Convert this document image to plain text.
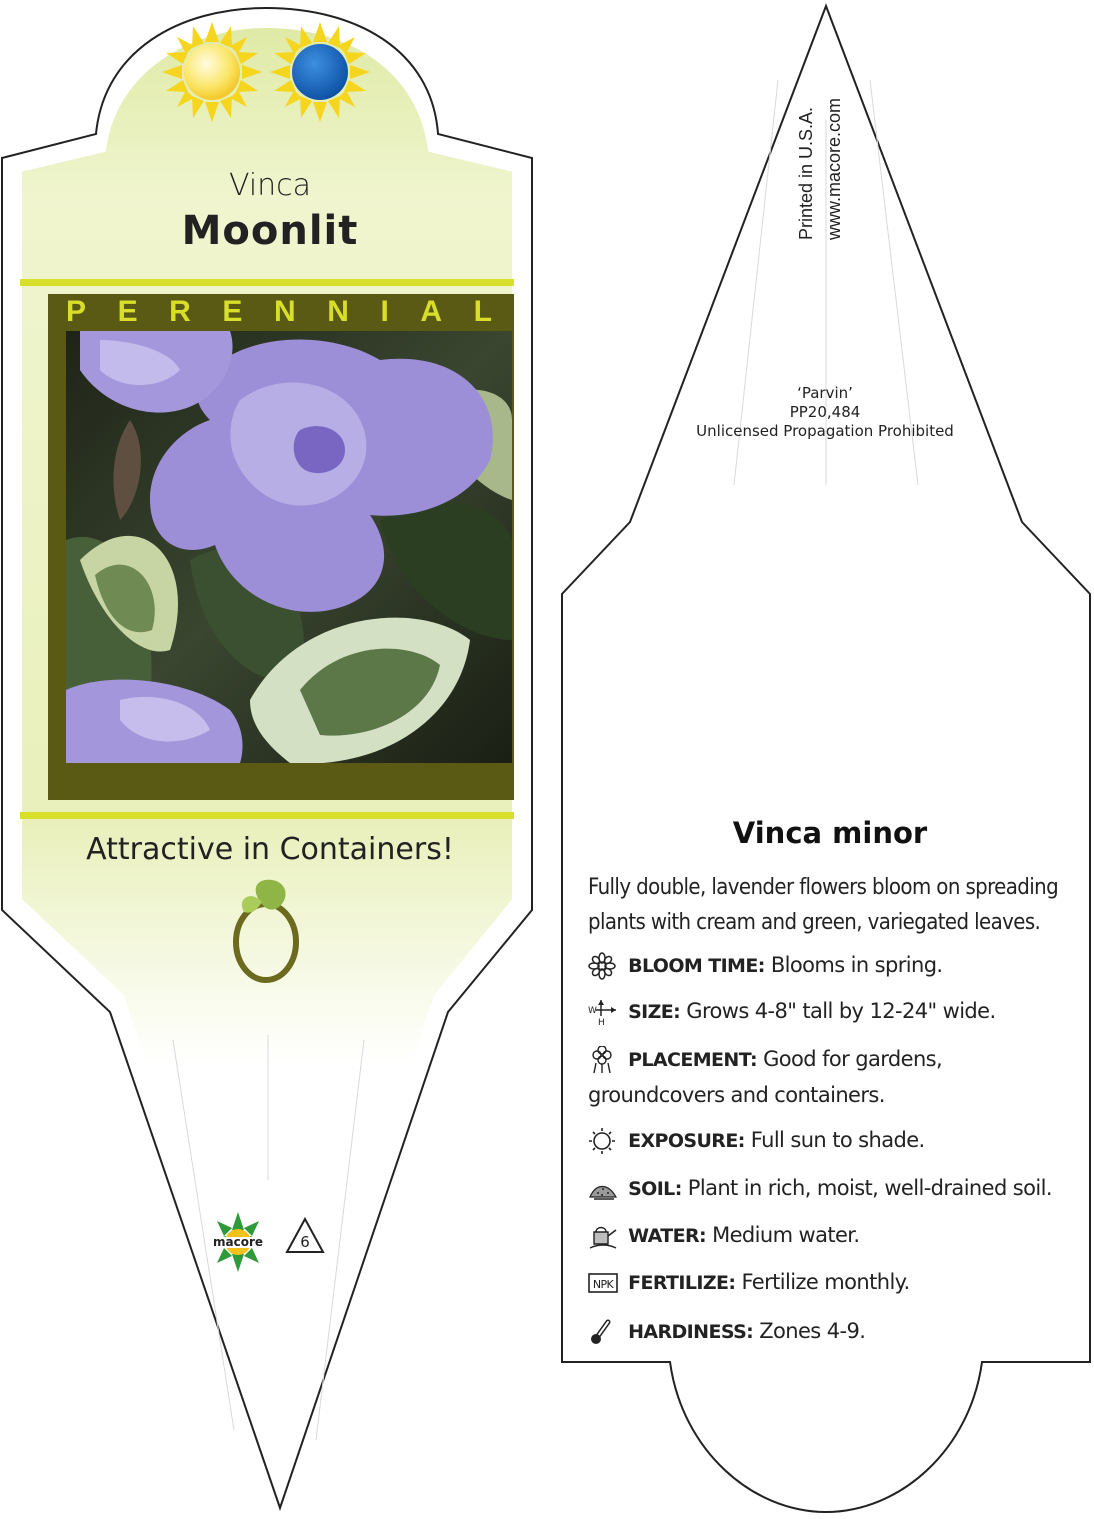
Vinca
Moonlit
P E R E N N I A L
Attractive in Containers!
macore 6
Printed in U.S.A. www.macore.com
‘Parvin’
PP20,484
Unlicensed Propagation Prohibited
Vinca minor
Fully double, lavender flowers bloom on spreading plants with cream and green, variegated leaves.
BLOOM TIME: Blooms in spring.
W
H SIZE: Grows 4-8" tall by 12-24" wide.
PLACEMENT: Good for gardens, groundcovers and containers.
EXPOSURE: Full sun to shade.
SOIL: Plant in rich, moist, well-drained soil.
WATER: Medium water.
NPK FERTILIZE: Fertilize monthly.
HARDINESS: Zones 4-9.
